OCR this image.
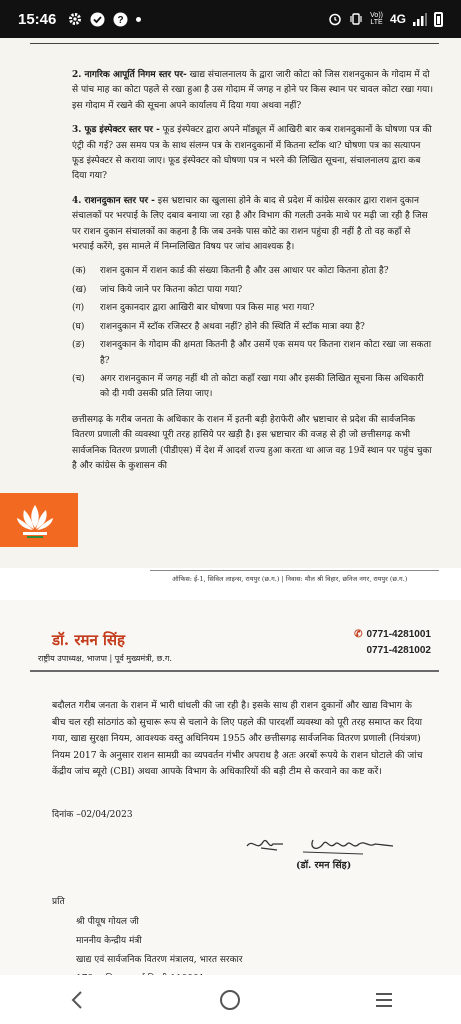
15:46	?	Vo))
LTE 4G

2. नागरिक आपूर्ति निगम स्तर पर- खाद्य संचालनालय के द्वारा जारी कोटा को जिस राशनदुकान के गोदाम में दो से पांच माह का कोटा पहले से रखा हुआ है उस गोदाम में जगह न होने पर किस स्थान पर चावल कोटा रखा गया। इस गोदाम में रखने की सूचना अपने कार्यालय में दिया गया अथवा नहीं?

3. फूड इंस्पेक्टर स्तर पर - फूड इंस्पेक्टर द्वारा अपने मॉड्यूल में आखिरी बार कब राशनदुकानों के घोषणा पत्र की एंट्री की गई? उस समय पत्र के साथ संलग्न पत्र के राशनदुकानों में कितना स्टॉक था? घोषणा पत्र का सत्यापन फूड इंस्पेक्टर से कराया जाए। फूड इंस्पेक्टर को घोषणा पत्र न भरने की लिखित सूचना, संचालनालय द्वारा कब दिया गया?

4. राशनदुकान स्तर पर - इस भ्रष्टाचार का खुलासा होने के बाद से प्रदेश में कांग्रेस सरकार द्वारा राशन दुकान संचालकों पर भरपाई के लिए दबाव बनाया जा रहा है और विभाग की गलती उनके माथे पर मढ़ी जा रही है जिस पर राशन दुकान संचालकों का कहना है कि जब उनके पास कोटे का राशन पहुंचा ही नहीं है तो वह कहाँ से भरपाई करेंगे, इस मामले में निम्नलिखित विषय पर जांच आवश्यक है।

(क)	राशन दुकान में राशन कार्ड की संख्या कितनी है और उस आधार पर कोटा कितना होता है?
(ख)	जांच किये जाने पर कितना कोटा पाया गया?
(ग)	राशन दुकानदार द्वारा आखिरी बार घोषणा पत्र किस माह भरा गया?
(घ)	राशनदुकान में स्टॉक रजिस्टर है अथवा नहीं? होने की स्थिति में स्टॉक मात्रा क्या है?
(ङ)	राशनदुकान के गोदाम की क्षमता कितनी है और उसमें एक समय पर कितना राशन कोटा रखा जा सकता है?
(च)	अगर राशनदुकान में जगह नहीं थी तो कोटा कहाँ रखा गया और इसकी लिखित सूचना किस अधिकारी को दी गयी उसकी प्रति लिया जाए।

छत्तीसगढ़ के गरीब जनता के अधिकार के राशन में इतनी बड़ी हेराफेरी और भ्रष्टाचार से प्रदेश की सार्वजनिक वितरण प्रणाली की व्यवस्था पूरी तरह हासिये पर खड़ी है। इस भ्रष्टाचार की वजह से ही जो छत्तीसगढ़ कभी सार्वजनिक वितरण प्रणाली (पीडीएस) में देश में आदर्श राज्य हुआ करता था आज वह 19वें स्थान पर पहुंच चुका है और कांग्रेस के कुशासन की

ऑफिस: ई-1, सिविल लाइन्स, रायपुर (छ.ग.) | निवास: मौल श्री विहार, छनिज नगर, रायपुर (छ.ग.)
डॉ. रमन सिंह
राष्ट्रीय उपाध्यक्ष, भाजपा | पूर्व मुख्यमंत्री, छ.ग.
✆ 0771-4281001
0771-4281002

बदौलत गरीब जनता के राशन में भारी धांधली की जा रही है। इसके साथ ही राशन दुकानों और खाद्य विभाग के बीच चल रही सांठगांठ को सुचारू रूप से चलाने के लिए पहले की पारदर्शी व्यवस्था को पूरी तरह समाप्त कर दिया गया, खाद्य सुरक्षा नियम, आवश्यक वस्तु अधिनियम 1955 और छत्तीसगढ़ सार्वजनिक वितरण प्रणाली (नियंत्रण) नियम 2017 के अनुसार राशन सामग्री का व्यपवर्तन गंभीर अपराध है अतः अरबों रूपये के राशन घोटाले की जांच केंद्रीय जांच ब्यूरो (CBI) अथवा आपके विभाग के अधिकारियों की बड़ी टीम से करवाने का कष्ट करें।

दिनांक –02/04/2023
(डॉ. रमन सिंह)
प्रति
श्री पीयूष गोयल जी
माननीय केन्द्रीय मंत्री
खाद्य एवं सार्वजनिक वितरण मंत्रालय, भारत सरकार
